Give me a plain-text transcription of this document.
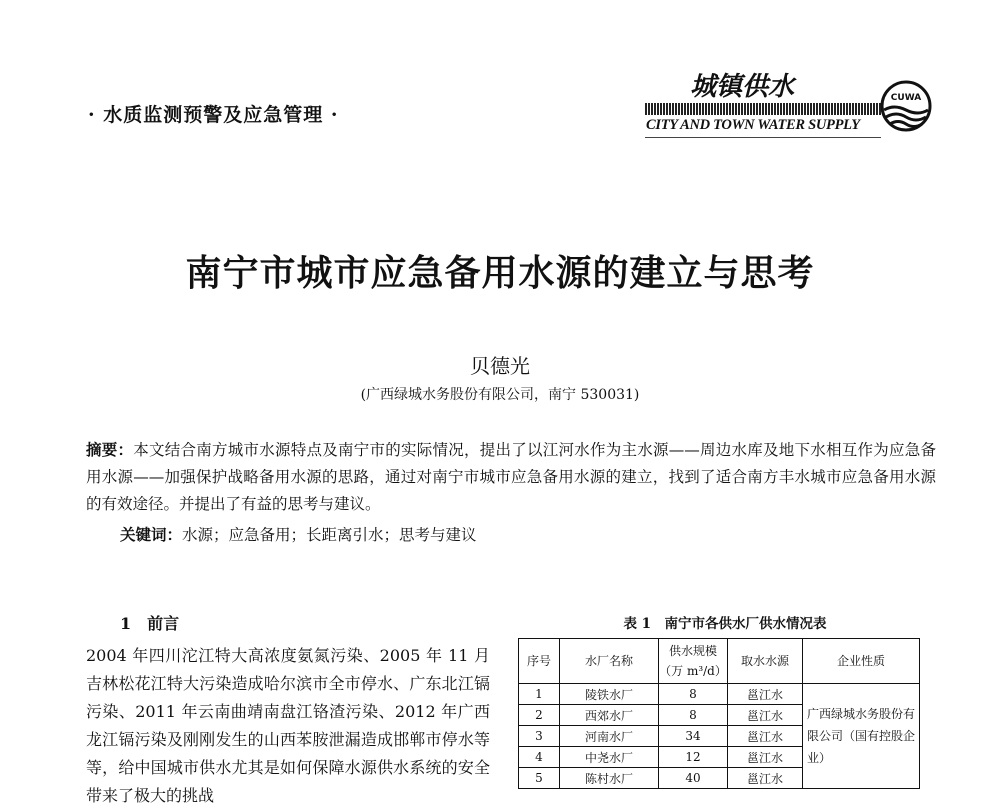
· 水质监测预警及应急管理 ·
城镇供水
CITY AND TOWN WATER SUPPLY
CUWA
南宁市城市应急备用水源的建立与思考
贝德光
(广西绿城水务股份有限公司，南宁 530031)
摘要：本文结合南方城市水源特点及南宁市的实际情况，提出了以江河水作为主水源——周边水库及地下水相互作为应急备用水源——加强保护战略备用水源的思路，通过对南宁市城市应急备用水源的建立，找到了适合南方丰水城市应急备用水源的有效途径。并提出了有益的思考与建议。
关键词：水源；应急备用；长距离引水；思考与建议
1　前言
2004 年四川沱江特大高浓度氨氮污染、2005 年 11 月吉林松花江特大污染造成哈尔滨市全市停水、广东北江镉污染、2011 年云南曲靖南盘江铬渣污染、2012 年广西龙江镉污染及刚刚发生的山西苯胺泄漏造成邯郸市停水等等，给中国城市供水尤其是如何保障水源供水系统的安全带来了极大的挑战
表 1　南宁市各供水厂供水情况表
序号	水厂名称	供水规模（万 m³/d）	取水水源	企业性质
1	陵铁水厂	8	邕江水	广西绿城水务股份有限公司（国有控股企业）
2	西郊水厂	8	邕江水	
3	河南水厂	34	邕江水	
4	中尧水厂	12	邕江水	
5	陈村水厂	40	邕江水	
